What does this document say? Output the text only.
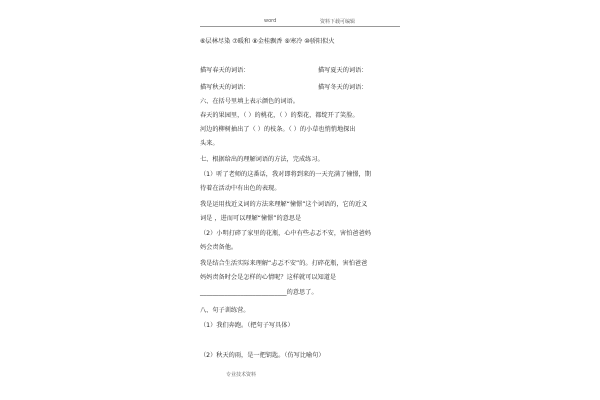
word	资料下载可编辑
⑥层林尽染 ⑦暖和 ⑧金桂飘香 ⑨寒冷 ⑩骄阳似火
描写春天的词语：	描写夏天的词语：
描写秋天的词语：	描写冬天的词语：
六、在括号里填上表示颜色的词语。
春天的果园里，（ ）的桃花，（ ）的梨花，都绽开了笑脸。
河边的柳树抽出了（ ）的枝条。（ ）的小草也悄悄地探出
头来。
七、根据给出的理解词语的方法，完成练习。
（1）听了老师的这番话，我对即将到来的一天充满了憧憬，期
待着在活动中有出色的表现。
我是运用找近义词的方法来理解“憧憬”这个词语的，它的近义
词是 ，进而可以理解“憧憬”的意思是
（2）小明打碎了家里的花瓶，心中有些忐忑不安，害怕爸爸妈
妈会责备他。
我是结合生活实际来理解“忐忑不安”的。打碎花瓶，害怕爸爸
妈妈责备时会是怎样的心情呢？这样就可以知道是
____________________________的意思了。
八、句子训练营。
（1）我们奔跑。（把句子写具体）
（2）秋天的雨，是一把钥匙。（仿写比喻句）
专业技术资料
